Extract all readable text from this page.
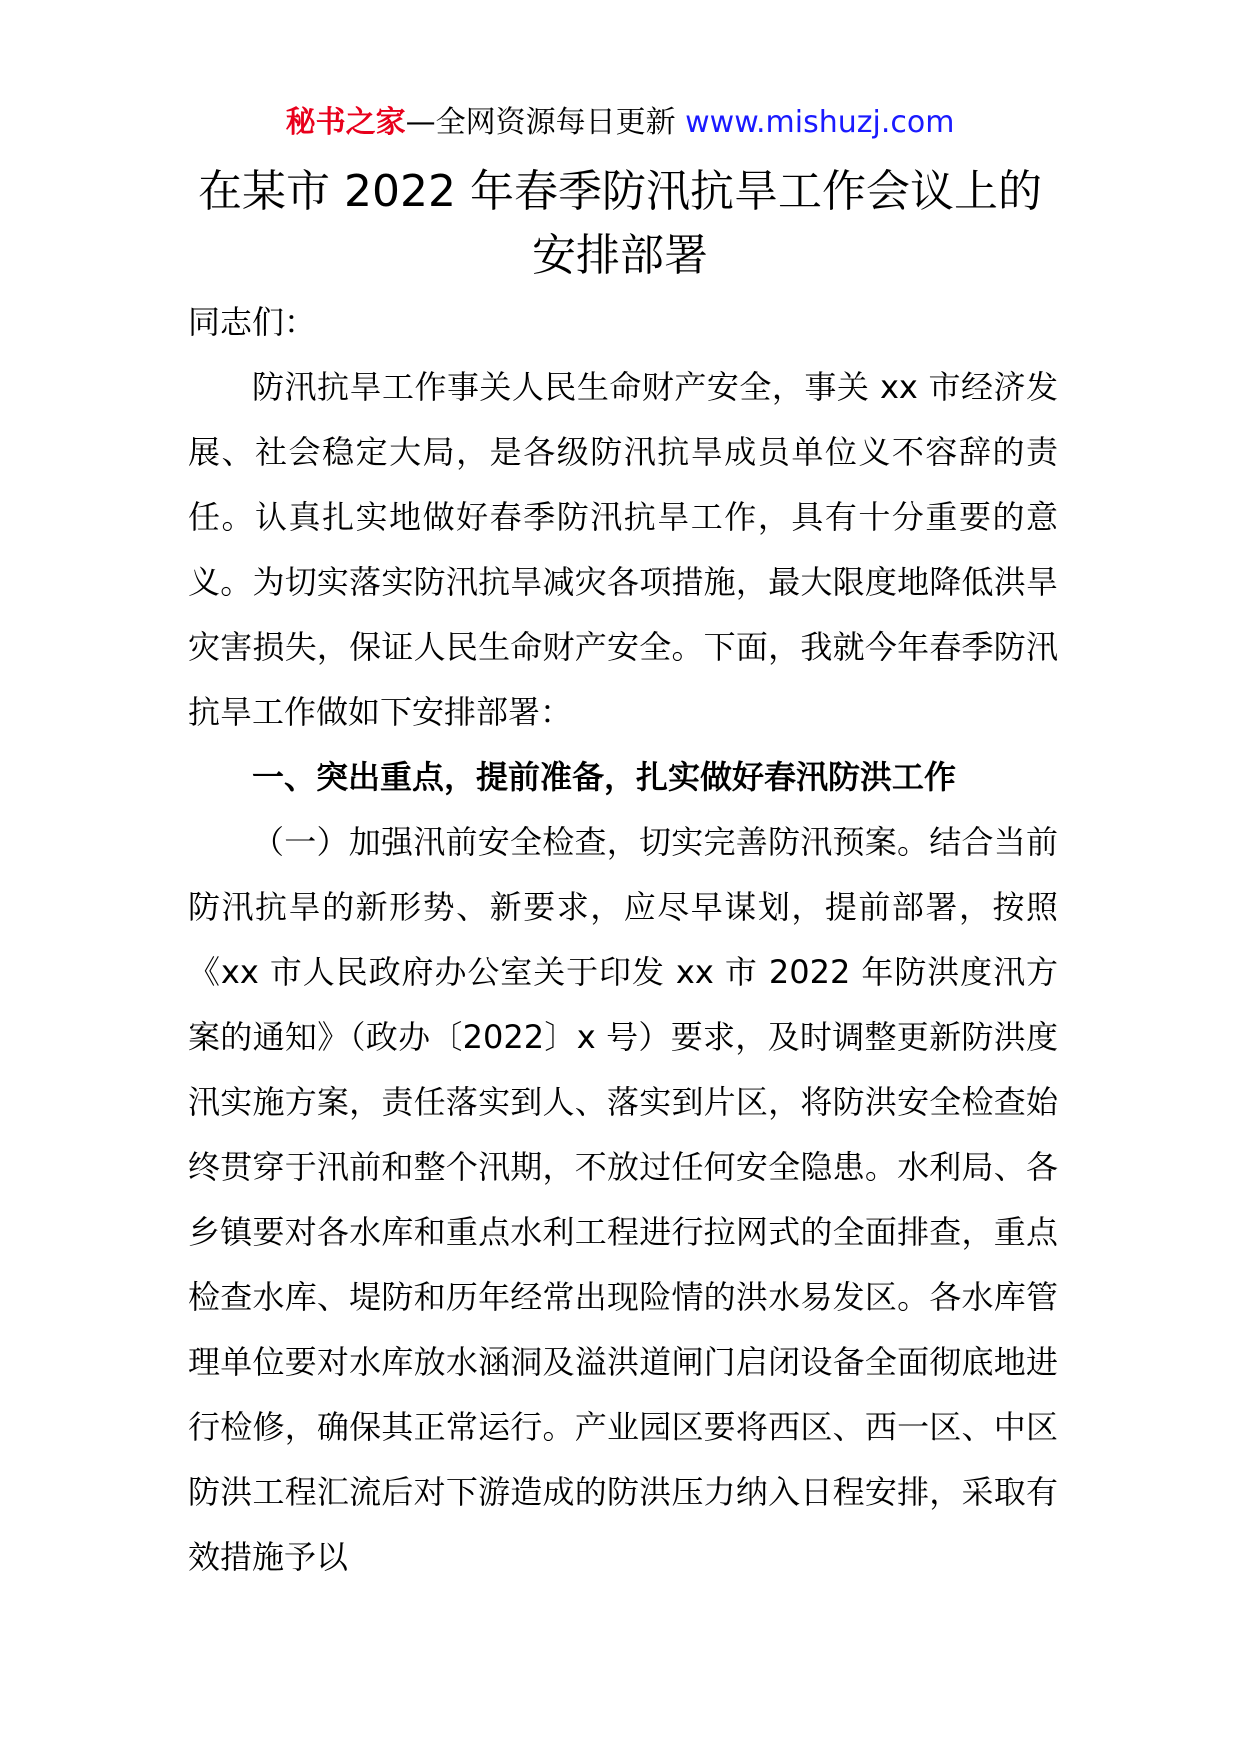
秘书之家—全网资源每日更新 www.mishuzj.com
在某市 2022 年春季防汛抗旱工作会议上的
安排部署

同志们：

防汛抗旱工作事关人民生命财产安全，事关 xx 市经济发展、社会稳定大局，是各级防汛抗旱成员单位义不容辞的责任。认真扎实地做好春季防汛抗旱工作，具有十分重要的意义。为切实落实防汛抗旱减灾各项措施，最大限度地降低洪旱灾害损失，保证人民生命财产安全。下面，我就今年春季防汛抗旱工作做如下安排部署：

一、突出重点，提前准备，扎实做好春汛防洪工作

（一）加强汛前安全检查，切实完善防汛预案。结合当前防汛抗旱的新形势、新要求，应尽早谋划，提前部署，按照《xx 市人民政府办公室关于印发 xx 市 2022 年防洪度汛方案的通知》（政办〔2022〕x 号）要求，及时调整更新防洪度汛实施方案，责任落实到人、落实到片区，将防洪安全检查始终贯穿于汛前和整个汛期，不放过任何安全隐患。水利局、各乡镇要对各水库和重点水利工程进行拉网式的全面排查，重点检查水库、堤防和历年经常出现险情的洪水易发区。各水库管理单位要对水库放水涵洞及溢洪道闸门启闭设备全面彻底地进行检修，确保其正常运行。产业园区要将西区、西一区、中区防洪工程汇流后对下游造成的防洪压力纳入日程安排，采取有效措施予以
